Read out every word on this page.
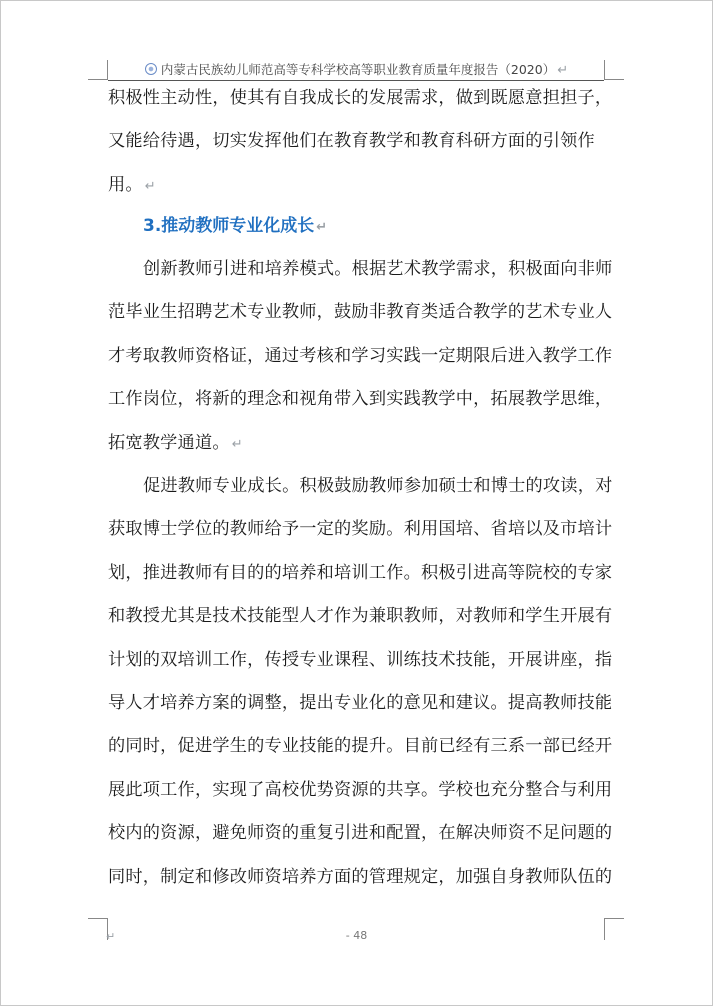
内蒙古民族幼儿师范高等专科学校高等职业教育质量年度报告（2020） ↵
积极性主动性，使其有自我成长的发展需求，做到既愿意担担子，
又能给待遇，切实发挥他们在教育教学和教育科研方面的引领作
用。 ↵
3.推动教师专业化成长 ↵
创新教师引进和培养模式。根据艺术教学需求，积极面向非师
范毕业生招聘艺术专业教师，鼓励非教育类适合教学的艺术专业人
才考取教师资格证，通过考核和学习实践一定期限后进入教学工作
工作岗位，将新的理念和视角带入到实践教学中，拓展教学思维，
拓宽教学通道。 ↵
促进教师专业成长。积极鼓励教师参加硕士和博士的攻读，对
获取博士学位的教师给予一定的奖励。利用国培、省培以及市培计
划，推进教师有目的的培养和培训工作。积极引进高等院校的专家
和教授尤其是技术技能型人才作为兼职教师，对教师和学生开展有
计划的双培训工作，传授专业课程、训练技术技能，开展讲座，指
导人才培养方案的调整，提出专业化的意见和建议。提高教师技能
的同时，促进学生的专业技能的提升。目前已经有三系一部已经开
展此项工作，实现了高校优势资源的共享。学校也充分整合与利用
校内的资源，避免师资的重复引进和配置，在解决师资不足问题的
同时，制定和修改师资培养方面的管理规定，加强自身教师队伍的
↵	- 48
